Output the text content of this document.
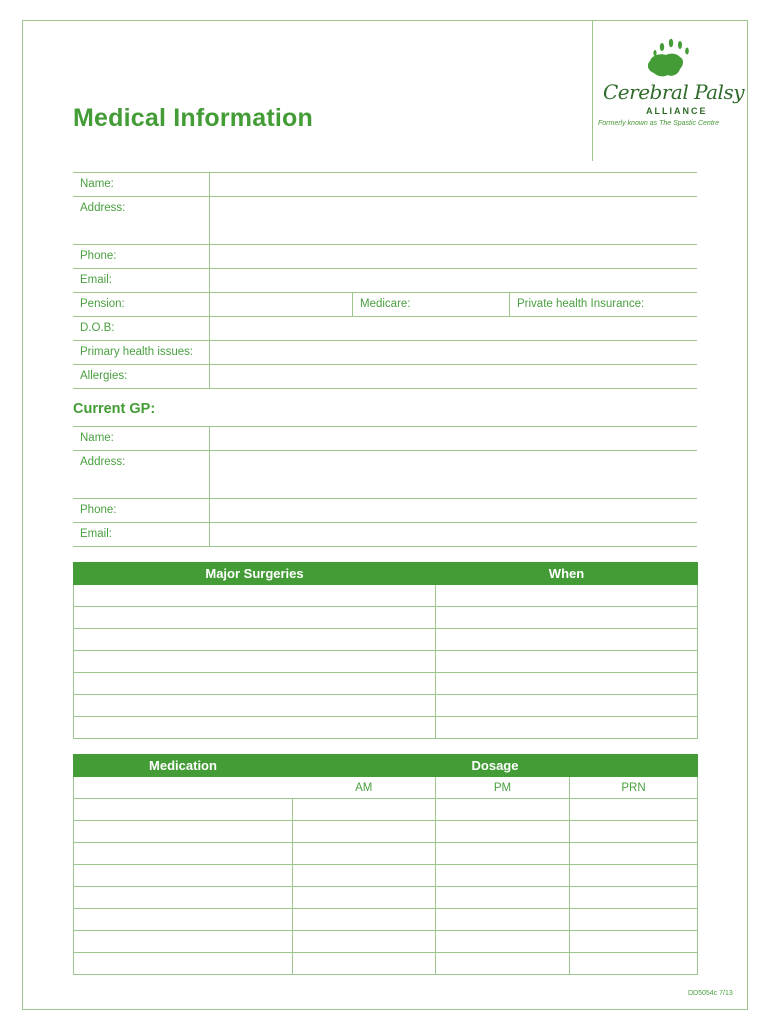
Medical Information
Cerebral Palsy
ALLIANCE
Formerly known as The Spastic Centre
Name:
Address:
Phone:
Email:
Pension:	Medicare:	Private health Insurance:
D.O.B:
Primary health issues:
Allergies:
Current GP:
Name:
Address:
Phone:
Email:
Major Surgeries	When

Medication	Dosage		
	AM	PM	PRN

DD5054c 7/13
